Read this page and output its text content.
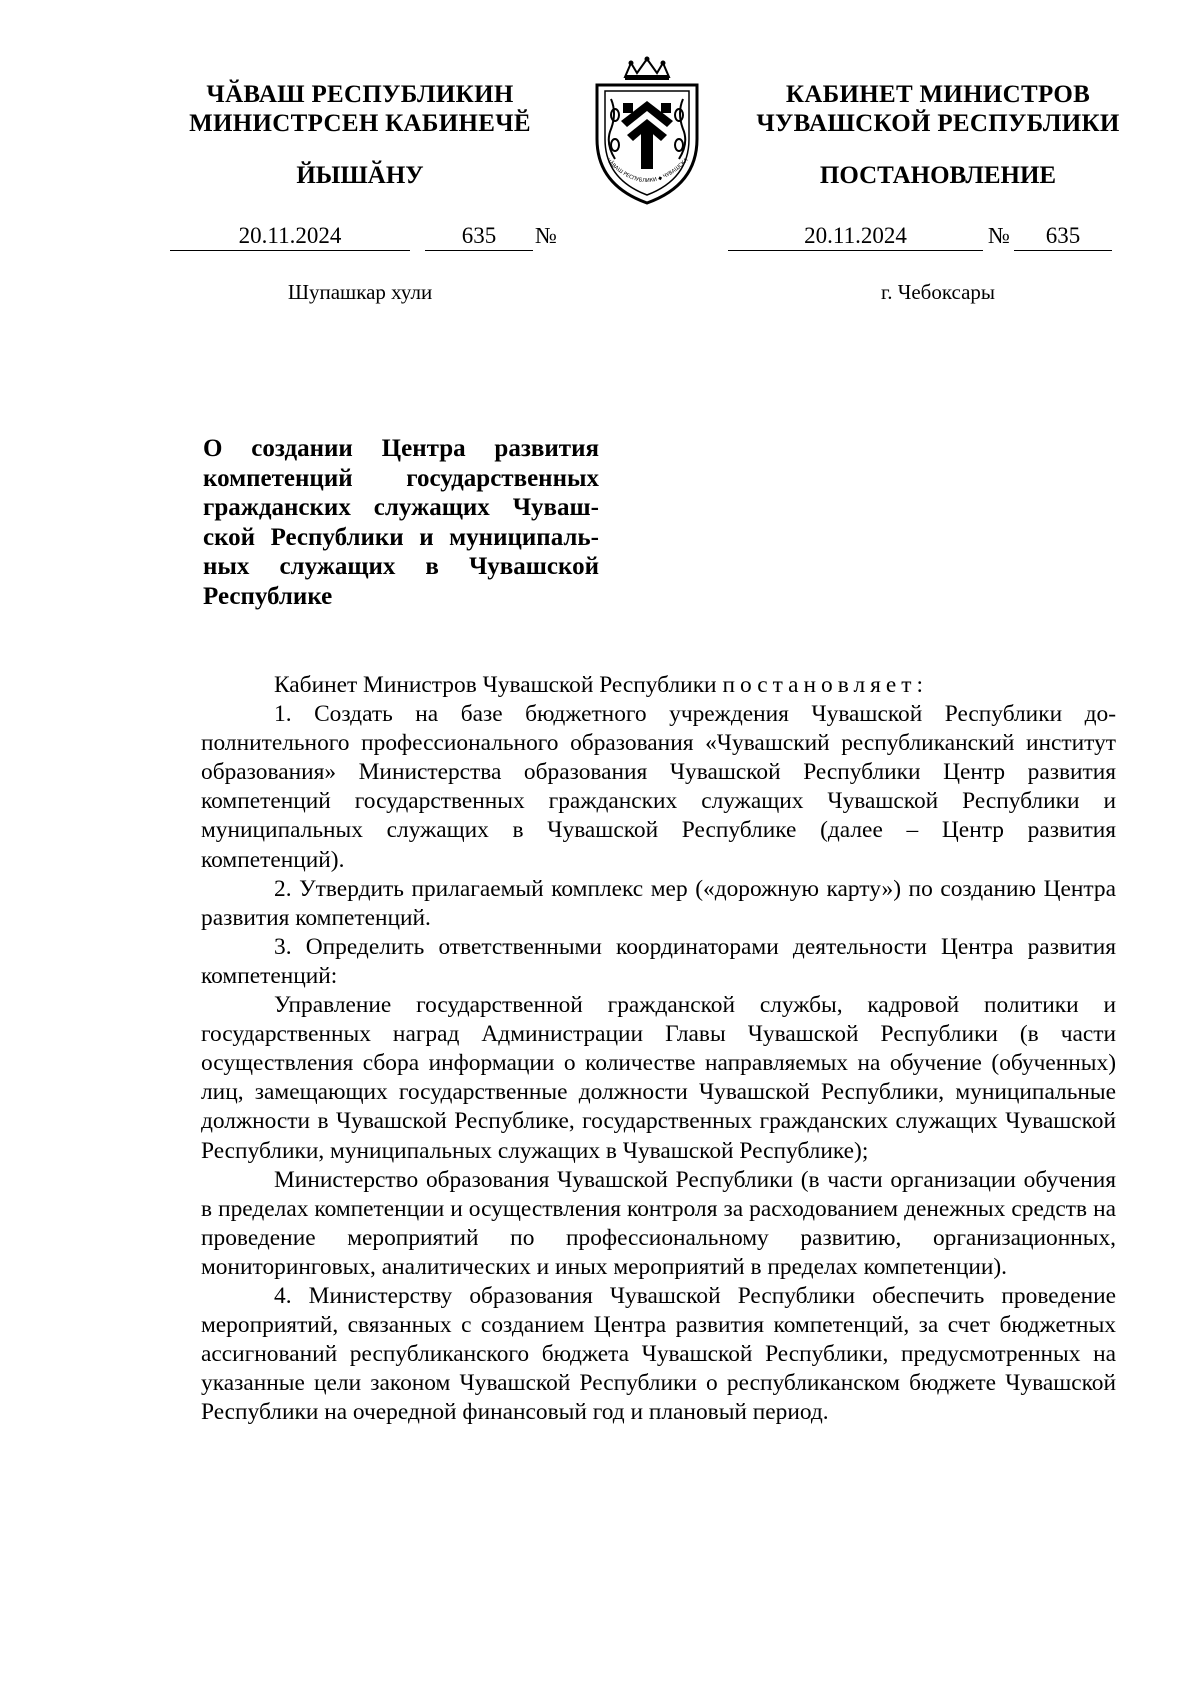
ЧӐВАШ РЕСПУБЛИКИН
МИНИСТРСЕН КАБИНЕЧӖ
ЙЫШӐНУ
ЧӐВАШ РЕСПУБЛИКИ ◆ ЧУВАШСКА
КАБИНЕТ МИНИСТРОВ
ЧУВАШСКОЙ РЕСПУБЛИКИ
ПОСТАНОВЛЕНИЕ
20.11.2024	635	№	20.11.2024	№	635
Шупашкар хули	г. Чебоксары
О создании Центра развития компетенций государственных гражданских служащих Чувашской Республики и муниципальных служащих в Чувашской Республике

Кабинет Министров Чувашской Республики постановляет:

1. Создать на базе бюджетного учреждения Чувашской Республики дополнительного профессионального образования «Чувашский республиканский институт образования» Министерства образования Чувашской Республики Центр развития компетенций государственных гражданских служащих Чувашской Республики и муниципальных служащих в Чувашской Республике (далее – Центр развития компетенций).

2. Утвердить прилагаемый комплекс мер («дорожную карту») по созданию Центра развития компетенций.

3. Определить ответственными координаторами деятельности Центра развития компетенций:

Управление государственной гражданской службы, кадровой политики и государственных наград Администрации Главы Чувашской Республики (в части осуществления сбора информации о количестве направляемых на обучение (обученных) лиц, замещающих государственные должности Чувашской Республики, муниципальные должности в Чувашской Республике, государственных гражданских служащих Чувашской Республики, муниципальных служащих в Чувашской Республике);

Министерство образования Чувашской Республики (в части организации обучения в пределах компетенции и осуществления контроля за расходованием денежных средств на проведение мероприятий по профессиональному развитию, организационных, мониторинговых, аналитических и иных мероприятий в пределах компетенции).

4. Министерству образования Чувашской Республики обеспечить проведение мероприятий, связанных с созданием Центра развития компетенций, за счет бюджетных ассигнований республиканского бюджета Чувашской Республики, предусмотренных на указанные цели законом Чувашской Республики о республиканском бюджете Чувашской Республики на очередной финансовый год и плановый период.
